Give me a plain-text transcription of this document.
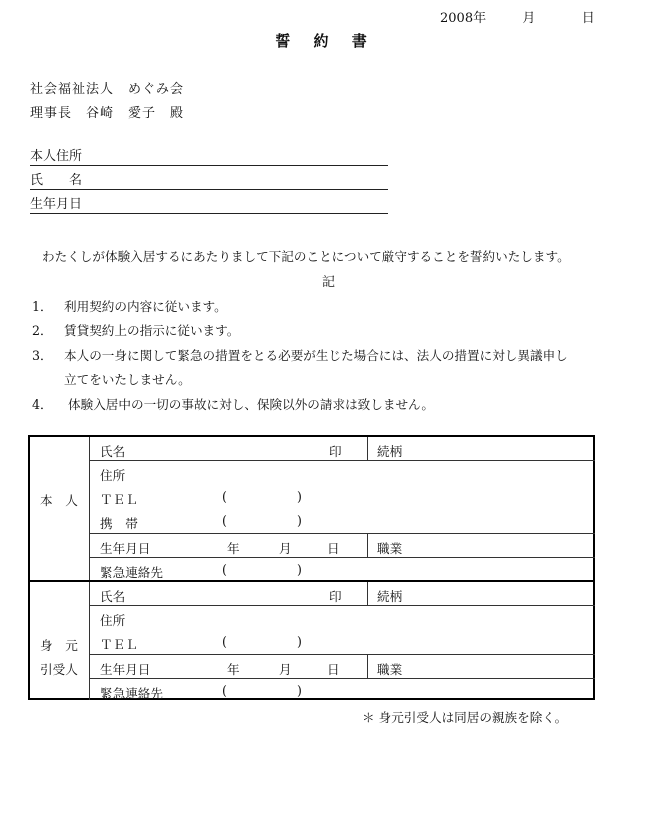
2008年	月	日
誓 約 書
社会福祉法人　めぐみ会
理事長　谷崎　愛子　殿
本人住所
氏　　名
生年月日
わたくしが体験入居するにあたりまして下記のことについて厳守することを誓約いたします。
記
1． 利用契約の内容に従います。
2． 賃貸契約上の指示に従います。
3． 本人の一身に関して緊急の措置をとる必要が生じた場合には、法人の措置に対し異議申し
立てをいたしません。
4． 体験入居中の一切の事故に対し、保険以外の請求は致しません。
本　人
氏名	印	続柄
住所
ＴＥＬ	(	)
携　帯	(	)
生年月日	年	月	日	職業
緊急連絡先	(	)
身　元
引受人
氏名	印	続柄
住所
ＴＥＬ	(	)
生年月日	年	月	日	職業
緊急連絡先	(	)
＊ 身元引受人は同居の親族を除く。
